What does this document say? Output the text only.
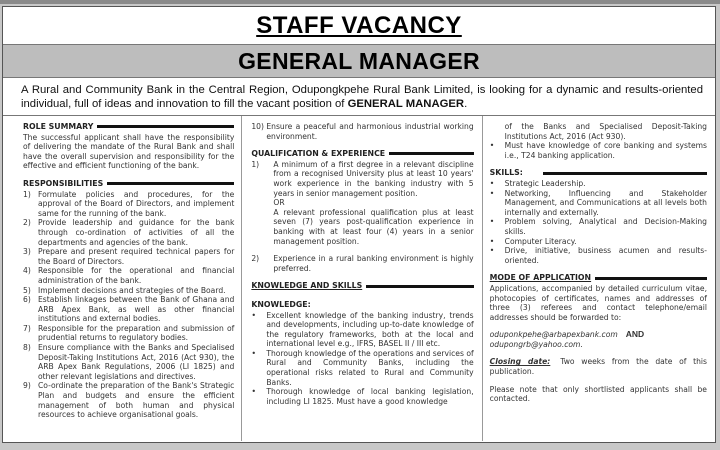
STAFF VACANCY
GENERAL MANAGER
A Rural and Community Bank in the Central Region, Odupongkpehe Rural Bank Limited, is looking for a dynamic and results-oriented individual, full of ideas and innovation to fill the vacant position of GENERAL MANAGER.
ROLE SUMMARY

The successful applicant shall have the responsibility of delivering the mandate of the Rural Bank and shall have the overall supervision and responsibility for the effective and efficient functioning of the bank.

RESPONSIBILITIES
1) Formulate policies and procedures, for the approval of the Board of Directors, and implement same for the running of the bank.
2) Provide leadership and guidance for the bank through co-ordination of activities of all the departments and agencies of the bank.
3) Prepare and present required technical papers for the Board of Directors.
4) Responsible for the operational and financial administration of the bank.
5) Implement decisions and strategies of the Board.
6) Establish linkages between the Bank of Ghana and ARB Apex Bank, as well as other financial institutions and external bodies.
7) Responsible for the preparation and submission of prudential returns to regulatory bodies.
8) Ensure compliance with the Banks and Specialised Deposit-Taking Institutions Act, 2016 (Act 930), the ARB Apex Bank Regulations, 2006 (LI 1825) and other relevant legislations and directives.
9) Co-ordinate the preparation of the Bank's Strategic Plan and budgets and ensure the efficient management of both human and physical resources to achieve organisational goals.
10) Ensure a peaceful and harmonious industrial working environment.
QUALIFICATION & EXPERIENCE
1)	A minimum of a first degree in a relevant discipline from a recognised University plus at least 10 years' work experience in the banking industry with 5 years in senior management position.
OR
A relevant professional qualification plus at least seven (7) years post-qualification experience in banking with at least four (4) years in a senior management position.
2)	Experience in a rural banking environment is highly preferred.
KNOWLEDGE AND SKILLS
KNOWLEDGE:
•	Excellent knowledge of the banking industry, trends and developments, including up-to-date knowledge of the regulatory frameworks, both at the local and international level e.g., IFRS, BASEL II / III etc.
•	Thorough knowledge of the operations and services of Rural and Community Banks, including the operational risks related to Rural and Community Banks.
•	Thorough knowledge of local banking legislation, including LI 1825. Must have a good knowledge
of the Banks and Specialised Deposit-Taking Institutions Act, 2016 (Act 930).
•	Must have knowledge of core banking and systems i.e., T24 banking application.
SKILLS:
•	Strategic Leadership.
•	Networking, Influencing and Stakeholder Management, and Communications at all levels both internally and externally.
•	Problem solving, Analytical and Decision-Making skills.
•	Computer Literacy.
•	Drive, initiative, business acumen and results-oriented.
MODE OF APPLICATION

Applications, accompanied by detailed curriculum vitae, photocopies of certificates, names and addresses of three (3) referees and contact telephone/email addresses should be forwarded to:

oduponkpehe@arbapexbank.com AND
odupongrb@yahoo.com.

Closing date: Two weeks from the date of this publication.

Please note that only shortlisted applicants shall be contacted.
